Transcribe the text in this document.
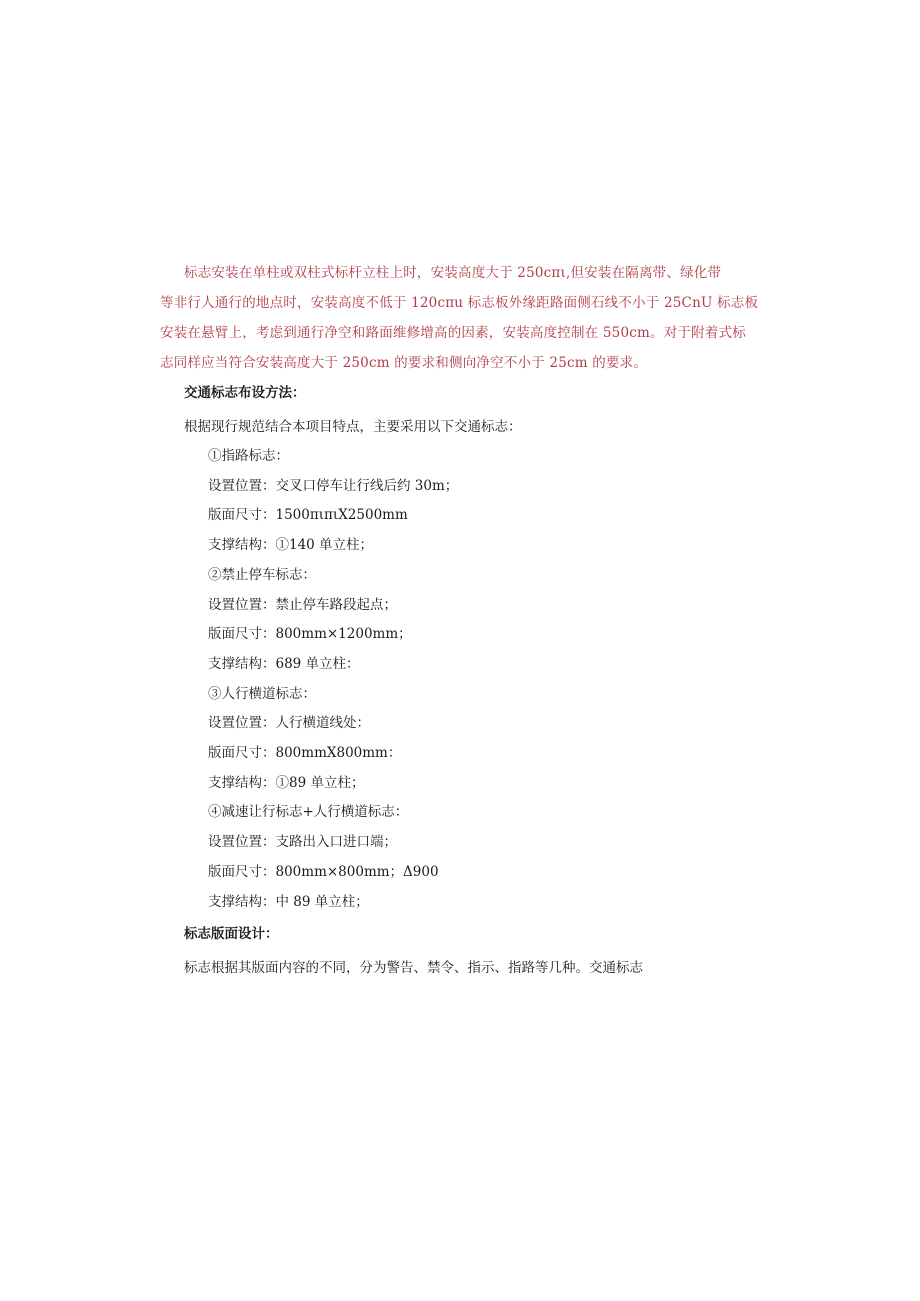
标志安装在单柱或双柱式标杆立柱上时，安装高度大于 250cπι,但安装在隔离带、绿化带
等非行人通行的地点时，安装高度不低于 120cπu 标志板外缘距路面侧石线不小于 25CnU 标志板
安装在悬臂上，考虑到通行净空和路面维修增高的因素，安装高度控制在 550cm。对于附着式标
志同样应当符合安装高度大于 250cm 的要求和侧向净空不小于 25cm 的要求。

交通标志布设方法：

根据现行规范结合本项目特点，主要采用以下交通标志：

①指路标志：
设置位置：交叉口停车让行线后约 30m；
版面尺寸：1500πιπιX2500mm
支撑结构：①140 单立柱；
②禁止停车标志：
设置位置：禁止停车路段起点；
版面尺寸：800mm×1200mm；
支撑结构：689 单立柱：
③人行横道标志：
设置位置：人行横道线处：
版面尺寸：800mmX800mm：
支撑结构：①89 单立柱；
④减速让行标志+人行横道标志：
设置位置：支路出入口进口端；
版面尺寸：800mm×800mm；Δ900
支撑结构：中 89 单立柱；

标志版面设计：

标志根据其版面内容的不同，分为警告、禁令、指示、指路等几种。交通标志
